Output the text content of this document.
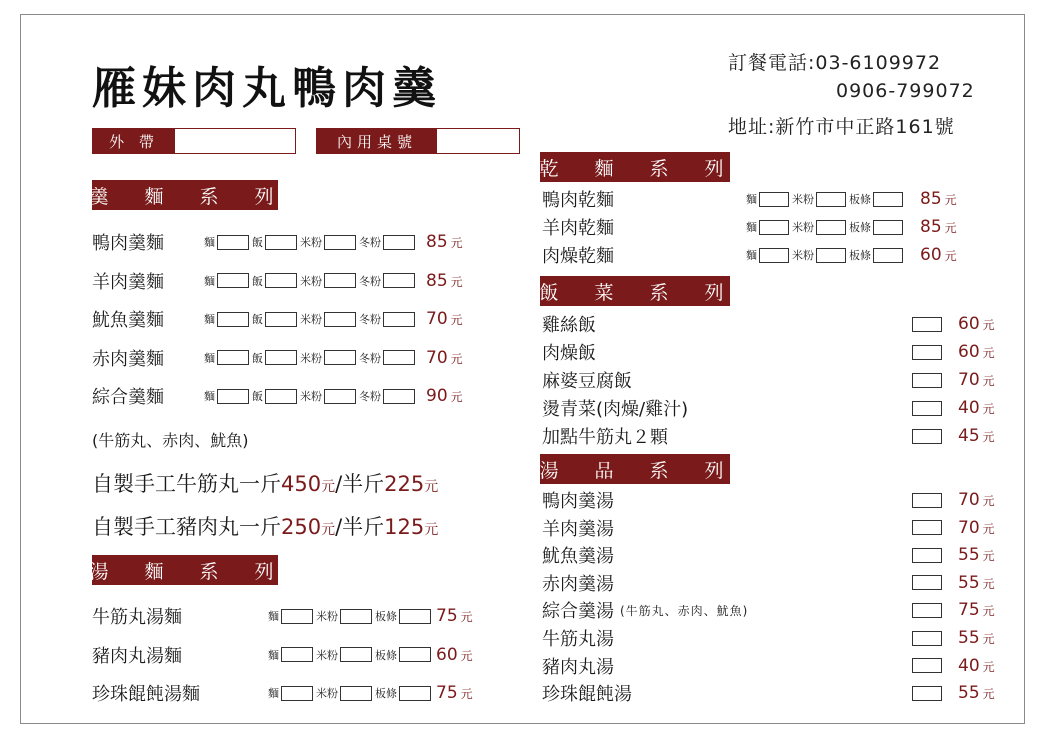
雁妹肉丸鴨肉羹	訂餐電話:03-6109972
0906-799072
地址:新竹市中正路161號
外 帶	內用桌號
羹 麵 系 列
鴨肉羹麵	麵	飯	米粉	冬粉	85 元
羊肉羹麵	麵	飯	米粉	冬粉	85 元
魷魚羹麵	麵	飯	米粉	冬粉	70 元
赤肉羹麵	麵	飯	米粉	冬粉	70 元
綜合羹麵	麵	飯	米粉	冬粉	90 元
(牛筋丸、赤肉、魷魚)
自製手工牛筋丸一斤 450 元 /半斤 225 元
自製手工豬肉丸一斤 250 元 /半斤 125 元
湯 麵 系 列
牛筋丸湯麵	麵	米粉	板條 75 元
豬肉丸湯麵	麵	米粉	板條 60 元
珍珠餛飩湯麵	麵	米粉	板條 75 元
乾 麵 系 列
鴨肉乾麵	麵	米粉	板條	85 元
羊肉乾麵	麵	米粉	板條	85 元
肉燥乾麵	麵	米粉	板條	60 元
飯 菜 系 列
雞絲飯	60 元
肉燥飯	60 元
麻婆豆腐飯	70 元
燙青菜(肉燥/雞汁)	40 元
加點牛筋丸２顆	45 元
湯 品 系 列
鴨肉羹湯	70 元
羊肉羹湯	70 元
魷魚羹湯	55 元
赤肉羹湯	55 元
綜合羹湯 (牛筋丸、赤肉、魷魚)	75 元
牛筋丸湯	55 元
豬肉丸湯	40 元
珍珠餛飩湯	55 元
